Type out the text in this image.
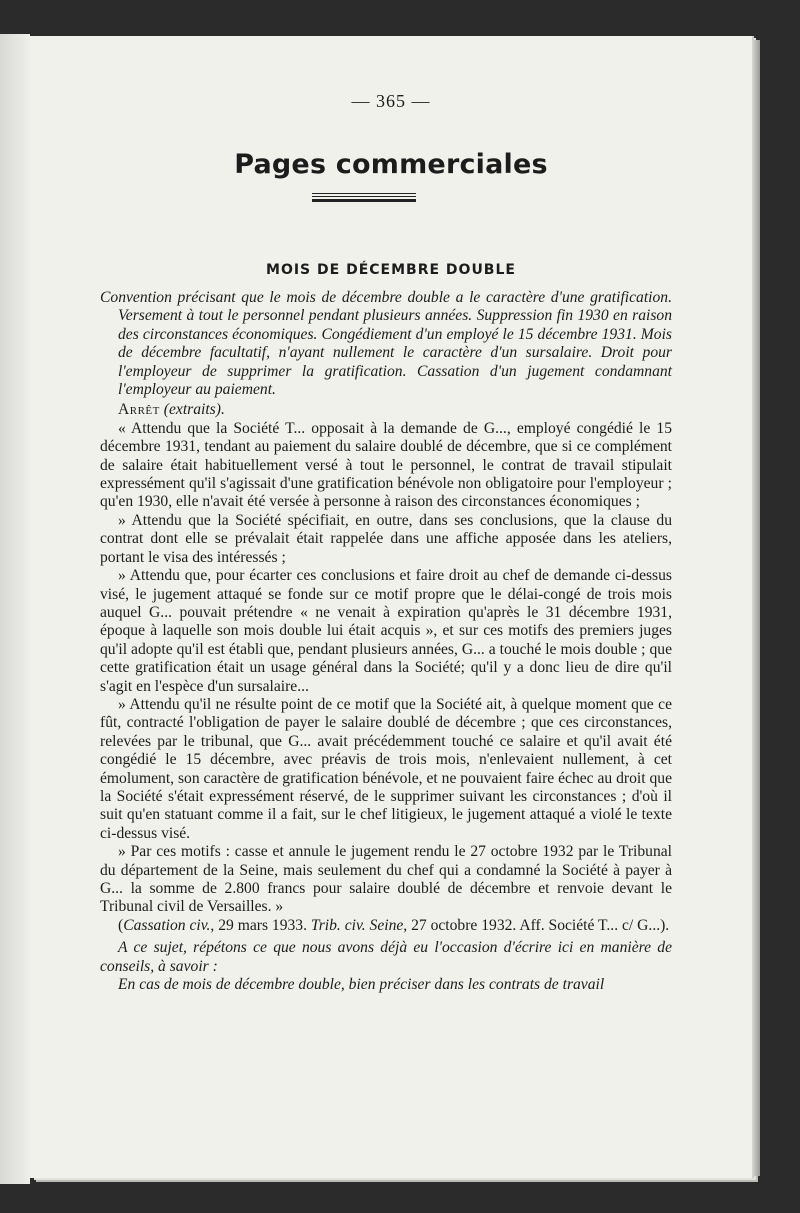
— 365 —
Pages commerciales
MOIS DE DÉCEMBRE DOUBLE

Convention précisant que le mois de décembre double a le caractère d'une gratification. Versement à tout le personnel pendant plusieurs années. Suppression fin 1930 en raison des circonstances économiques. Congédiement d'un employé le 15 décembre 1931. Mois de décembre facultatif, n'ayant nullement le caractère d'un sursalaire. Droit pour l'employeur de supprimer la gratification. Cassation d'un jugement condamnant l'employeur au paiement.

Arrêt (extraits).

« Attendu que la Société T... opposait à la demande de G..., employé congédié le 15 décembre 1931, tendant au paiement du salaire doublé de décembre, que si ce complément de salaire était habituellement versé à tout le personnel, le contrat de travail stipulait expressément qu'il s'agissait d'une gratification bénévole non obligatoire pour l'employeur ; qu'en 1930, elle n'avait été versée à personne à raison des circonstances économiques ;

» Attendu que la Société spécifiait, en outre, dans ses conclusions, que la clause du contrat dont elle se prévalait était rappelée dans une affiche apposée dans les ateliers, portant le visa des intéressés ;

» Attendu que, pour écarter ces conclusions et faire droit au chef de demande ci-dessus visé, le jugement attaqué se fonde sur ce motif propre que le délai-congé de trois mois auquel G... pouvait prétendre « ne venait à expiration qu'après le 31 décembre 1931, époque à laquelle son mois double lui était acquis », et sur ces motifs des premiers juges qu'il adopte qu'il est établi que, pendant plusieurs années, G... a touché le mois double ; que cette gratification était un usage général dans la Société; qu'il y a donc lieu de dire qu'il s'agit en l'espèce d'un sursalaire...

» Attendu qu'il ne résulte point de ce motif que la Société ait, à quelque moment que ce fût, contracté l'obligation de payer le salaire doublé de décembre ; que ces circonstances, relevées par le tribunal, que G... avait précédemment touché ce salaire et qu'il avait été congédié le 15 décembre, avec préavis de trois mois, n'enlevaient nullement, à cet émolument, son caractère de gratification bénévole, et ne pouvaient faire échec au droit que la Société s'était expressément réservé, de le supprimer suivant les circonstances ; d'où il suit qu'en statuant comme il a fait, sur le chef litigieux, le jugement attaqué a violé le texte ci-dessus visé.

» Par ces motifs : casse et annule le jugement rendu le 27 octobre 1932 par le Tribunal du département de la Seine, mais seulement du chef qui a condamné la Société à payer à G... la somme de 2.800 francs pour salaire doublé de décembre et renvoie devant le Tribunal civil de Versailles. »

(Cassation civ., 29 mars 1933. Trib. civ. Seine, 27 octobre 1932. Aff. Société T... c/ G...).

A ce sujet, répétons ce que nous avons déjà eu l'occasion d'écrire ici en manière de conseils, à savoir :

En cas de mois de décembre double, bien préciser dans les contrats de travail
